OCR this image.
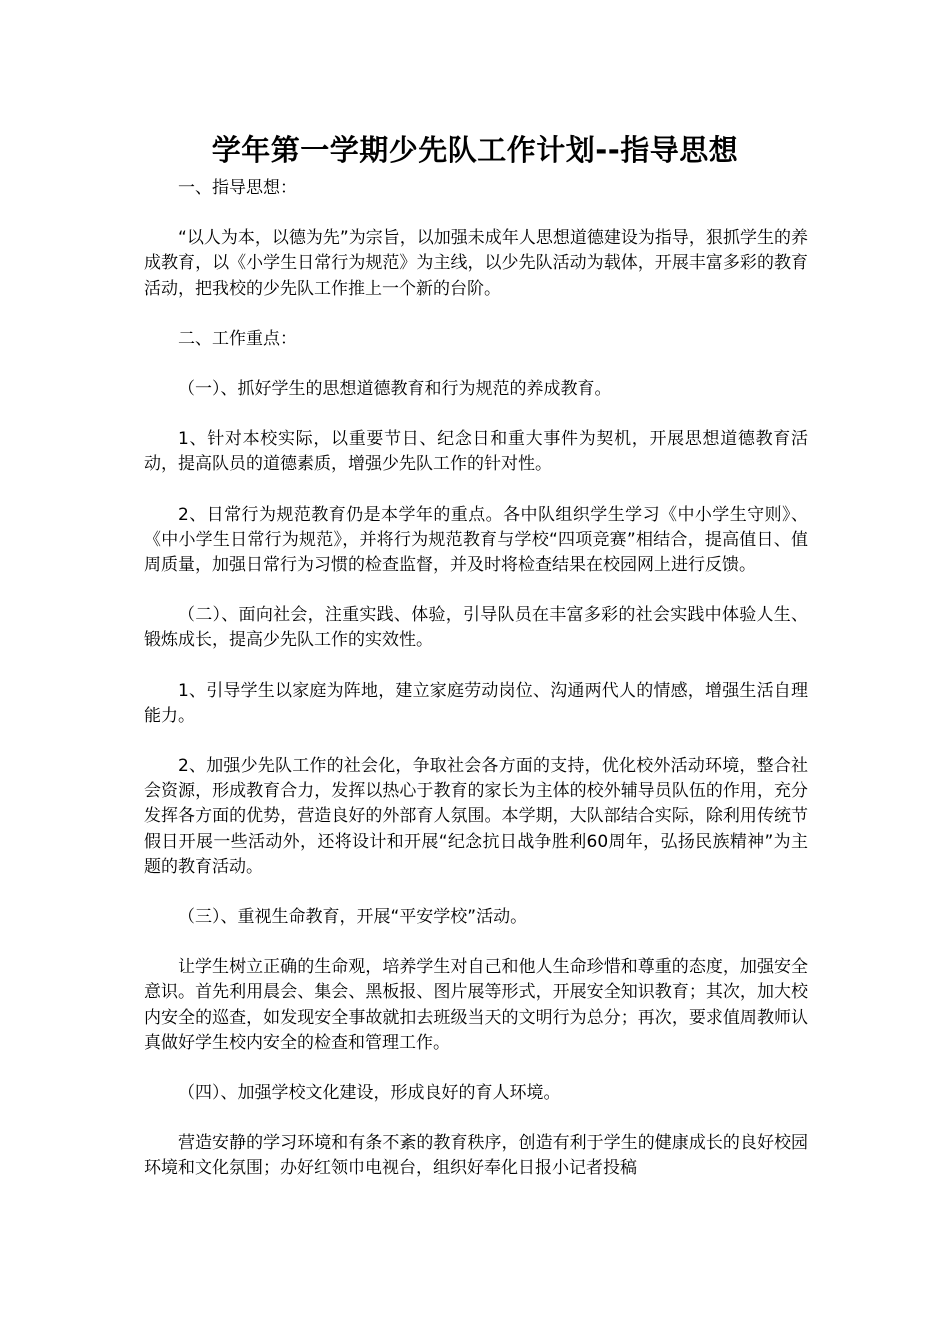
学年第一学期少先队工作计划--指导思想

一、指导思想：

“以人为本，以德为先”为宗旨，以加强未成年人思想道德建设为指导，狠抓学生的养成教育，以《小学生日常行为规范》为主线，以少先队活动为载体，开展丰富多彩的教育活动，把我校的少先队工作推上一个新的台阶。

二、工作重点：

（一）、抓好学生的思想道德教育和行为规范的养成教育。

1、针对本校实际，以重要节日、纪念日和重大事件为契机，开展思想道德教育活动，提高队员的道德素质，增强少先队工作的针对性。

2、日常行为规范教育仍是本学年的重点。各中队组织学生学习《中小学生守则》、《中小学生日常行为规范》，并将行为规范教育与学校“四项竞赛”相结合，提高值日、值周质量，加强日常行为习惯的检查监督，并及时将检查结果在校园网上进行反馈。

（二）、面向社会，注重实践、体验，引导队员在丰富多彩的社会实践中体验人生、锻炼成长，提高少先队工作的实效性。

1、引导学生以家庭为阵地，建立家庭劳动岗位、沟通两代人的情感，增强生活自理能力。

2、加强少先队工作的社会化，争取社会各方面的支持，优化校外活动环境，整合社会资源，形成教育合力，发挥以热心于教育的家长为主体的校外辅导员队伍的作用，充分发挥各方面的优势，营造良好的外部育人氛围。本学期，大队部结合实际，除利用传统节假日开展一些活动外，还将设计和开展“纪念抗日战争胜利60周年，弘扬民族精神”为主题的教育活动。

（三）、重视生命教育，开展“平安学校”活动。

让学生树立正确的生命观，培养学生对自己和他人生命珍惜和尊重的态度，加强安全意识。首先利用晨会、集会、黑板报、图片展等形式，开展安全知识教育；其次，加大校内安全的巡查，如发现安全事故就扣去班级当天的文明行为总分；再次，要求值周教师认真做好学生校内安全的检查和管理工作。

（四）、加强学校文化建设，形成良好的育人环境。

营造安静的学习环境和有条不紊的教育秩序，创造有利于学生的健康成长的良好校园环境和文化氛围；办好红领巾电视台，组织好奉化日报小记者投稿
